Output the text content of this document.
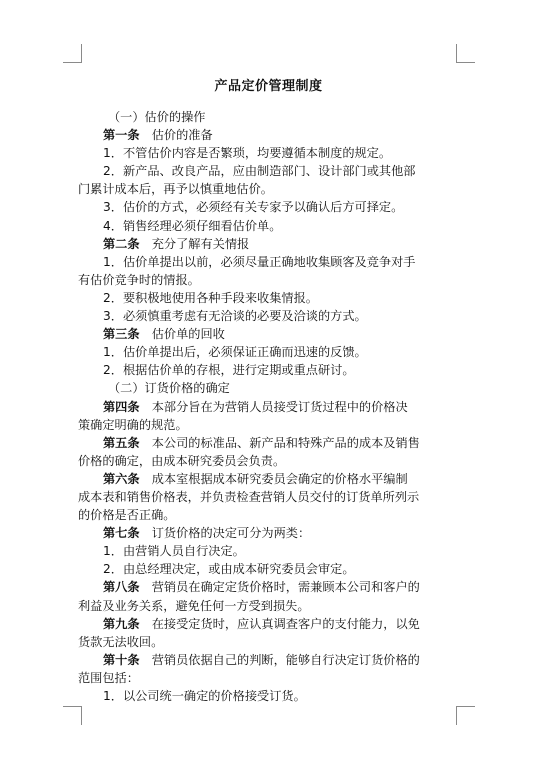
产品定价管理制度
（一）估价的操作
第一条　估价的准备
1．不管估价内容是否繁琐，均要遵循本制度的规定。
2．新产品、改良产品，应由制造部门、设计部门或其他部
门累计成本后，再予以慎重地估价。
3．估价的方式，必须经有关专家予以确认后方可择定。
4．销售经理必须仔细看估价单。
第二条　充分了解有关情报
1．估价单提出以前，必须尽量正确地收集顾客及竞争对手
有估价竞争时的情报。
2．要积极地使用各种手段来收集情报。
3．必须慎重考虑有无洽谈的必要及洽谈的方式。
第三条　估价单的回收
1．估价单提出后，必须保证正确而迅速的反馈。
2．根据估价单的存根，进行定期或重点研讨。
（二）订货价格的确定
第四条　本部分旨在为营销人员接受订货过程中的价格决
策确定明确的规范。
第五条　本公司的标准品、新产品和特殊产品的成本及销售
价格的确定，由成本研究委员会负责。
第六条　成本室根据成本研究委员会确定的价格水平编制
成本表和销售价格表，并负责检查营销人员交付的订货单所列示
的价格是否正确。
第七条　订货价格的决定可分为两类：
1．由营销人员自行决定。
2．由总经理决定，或由成本研究委员会审定。
第八条　营销员在确定定货价格时，需兼顾本公司和客户的
利益及业务关系，避免任何一方受到损失。
第九条　在接受定货时，应认真调查客户的支付能力，以免
货款无法收回。
第十条　营销员依据自己的判断，能够自行决定订货价格的
范围包括：
1．以公司统一确定的价格接受订货。
